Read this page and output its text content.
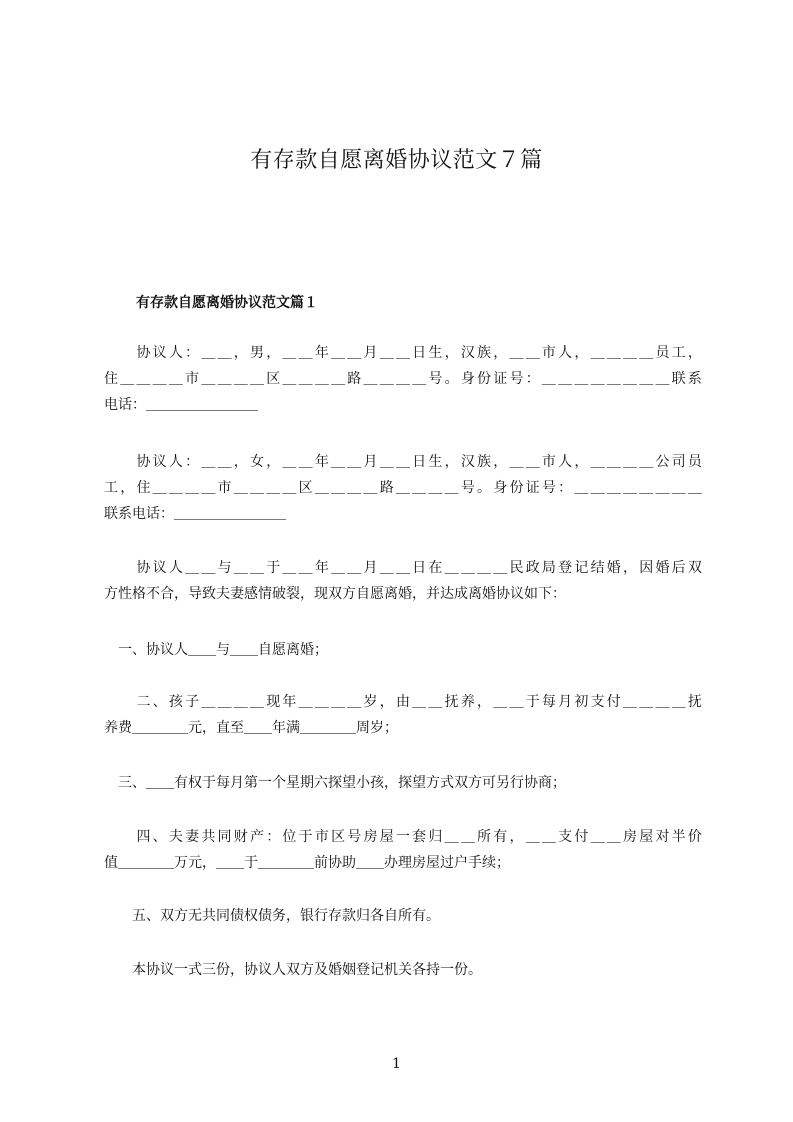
有存款自愿离婚协议范文７篇
有存款自愿离婚协议范文篇１

协 议 人 ： ＿ ＿ ， 男 ， ＿ ＿ 年 ＿ ＿ 月 ＿ ＿ 日 生 ， 汉 族 ， ＿ ＿ 市 人 ， ＿ ＿ ＿ ＿ 员 工 ，
住 ＿ ＿ ＿ ＿ 市 ＿ ＿ ＿ ＿ 区 ＿ ＿ ＿ ＿ 路 ＿ ＿ ＿ ＿ 号 。 身 份 证 号 ： ＿ ＿ ＿ ＿ ＿ ＿ ＿ ＿ 联 系
电话：＿＿＿＿＿＿＿＿

协 议 人 ： ＿ ＿ ， 女 ， ＿ ＿ 年 ＿ ＿ 月 ＿ ＿ 日 生 ， 汉 族 ， ＿ ＿ 市 人 ， ＿ ＿ ＿ ＿ 公 司 员
工 ， 住 ＿ ＿ ＿ ＿ 市 ＿ ＿ ＿ ＿ 区 ＿ ＿ ＿ ＿ 路 ＿ ＿ ＿ ＿ 号 。 身 份 证 号 ： ＿ ＿ ＿ ＿ ＿ ＿ ＿ ＿
联系电话：＿＿＿＿＿＿＿＿

协 议 人 ＿ ＿ 与 ＿ ＿ 于 ＿ ＿ 年 ＿ ＿ 月 ＿ ＿ 日 在 ＿ ＿ ＿ ＿ 民 政 局 登 记 结 婚 ， 因 婚 后 双
方性格不合，导致夫妻感情破裂，现双方自愿离婚，并达成离婚协议如下：
　一、协议人＿＿与＿＿自愿离婚；

二 、 孩 子 ＿ ＿ ＿ ＿ 现 年 ＿ ＿ ＿ ＿ 岁 ， 由 ＿ ＿ 抚 养 ， ＿ ＿ 于 每 月 初 支 付 ＿ ＿ ＿ ＿ 抚
养费＿＿＿＿元，直至＿＿年满＿＿＿＿周岁；
　三、＿＿有权于每月第一个星期六探望小孩，探望方式双方可另行协商；

四 、 夫 妻 共 同 财 产 ： 位 于 市 区 号 房 屋 一 套 归 ＿ ＿ 所 有 ， ＿ ＿ 支 付 ＿ ＿ 房 屋 对 半 价
值＿＿＿＿万元，＿＿于＿＿＿＿前协助＿＿办理房屋过户手续；
　　五、双方无共同债权债务，银行存款归各自所有。
　　本协议一式三份，协议人双方及婚姻登记机关各持一份。
1
